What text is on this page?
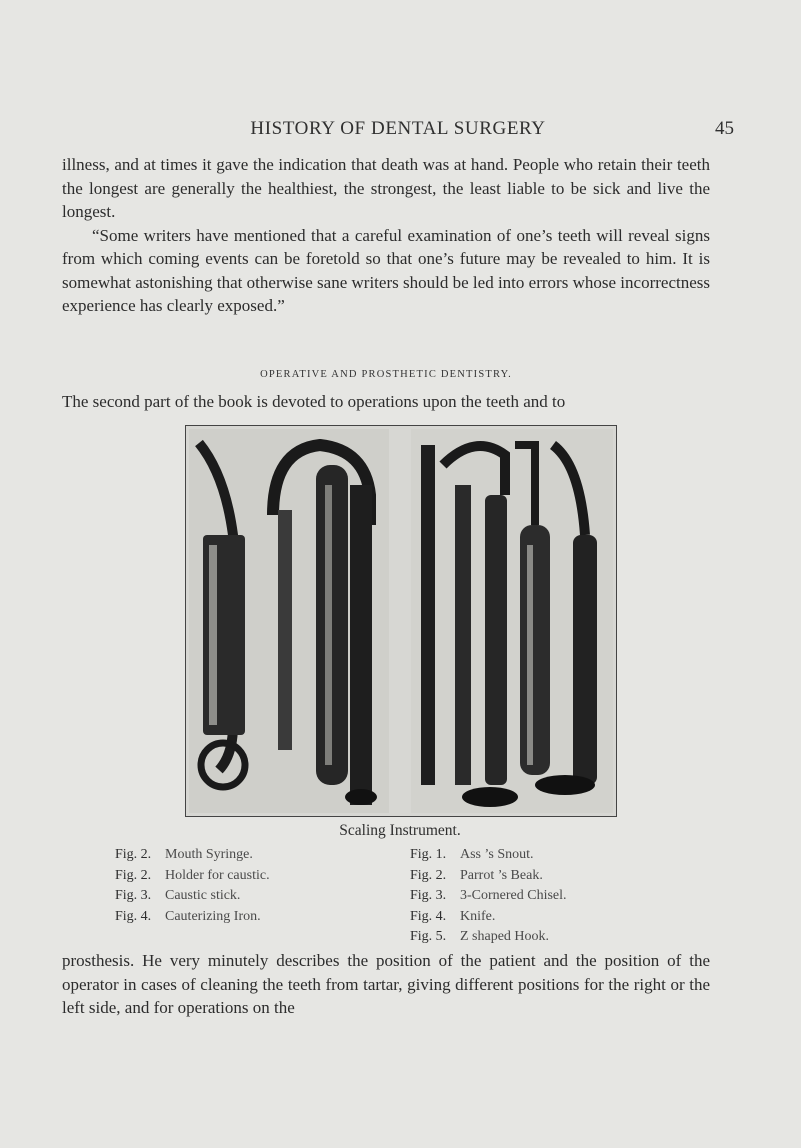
HISTORY OF DENTAL SURGERY	45

illness, and at times it gave the indication that death was at hand. People who retain their teeth the longest are generally the healthiest, the strongest, the least liable to be sick and live the longest.

“Some writers have mentioned that a careful examination of one’s teeth will reveal signs from which coming events can be foretold so that one’s future may be revealed to him. It is somewhat astonishing that otherwise sane writers should be led into errors whose incorrectness experience has clearly exposed.”

OPERATIVE AND PROSTHETIC DENTISTRY.

The second part of the book is devoted to operations upon the teeth and to

Scaling Instrument.
Fig. 2. Mouth Syringe.
Fig. 2. Holder for caustic.
Fig. 3. Caustic stick.
Fig. 4. Cauterizing Iron.
Fig. 1. Ass ’s Snout.
Fig. 2. Parrot ’s Beak.
Fig. 3. 3-Cornered Chisel.
Fig. 4. Knife.
Fig. 5. Z shaped Hook.

prosthesis. He very minutely describes the position of the patient and the position of the operator in cases of cleaning the teeth from tartar, giving different positions for the right or the left side, and for operations on the
